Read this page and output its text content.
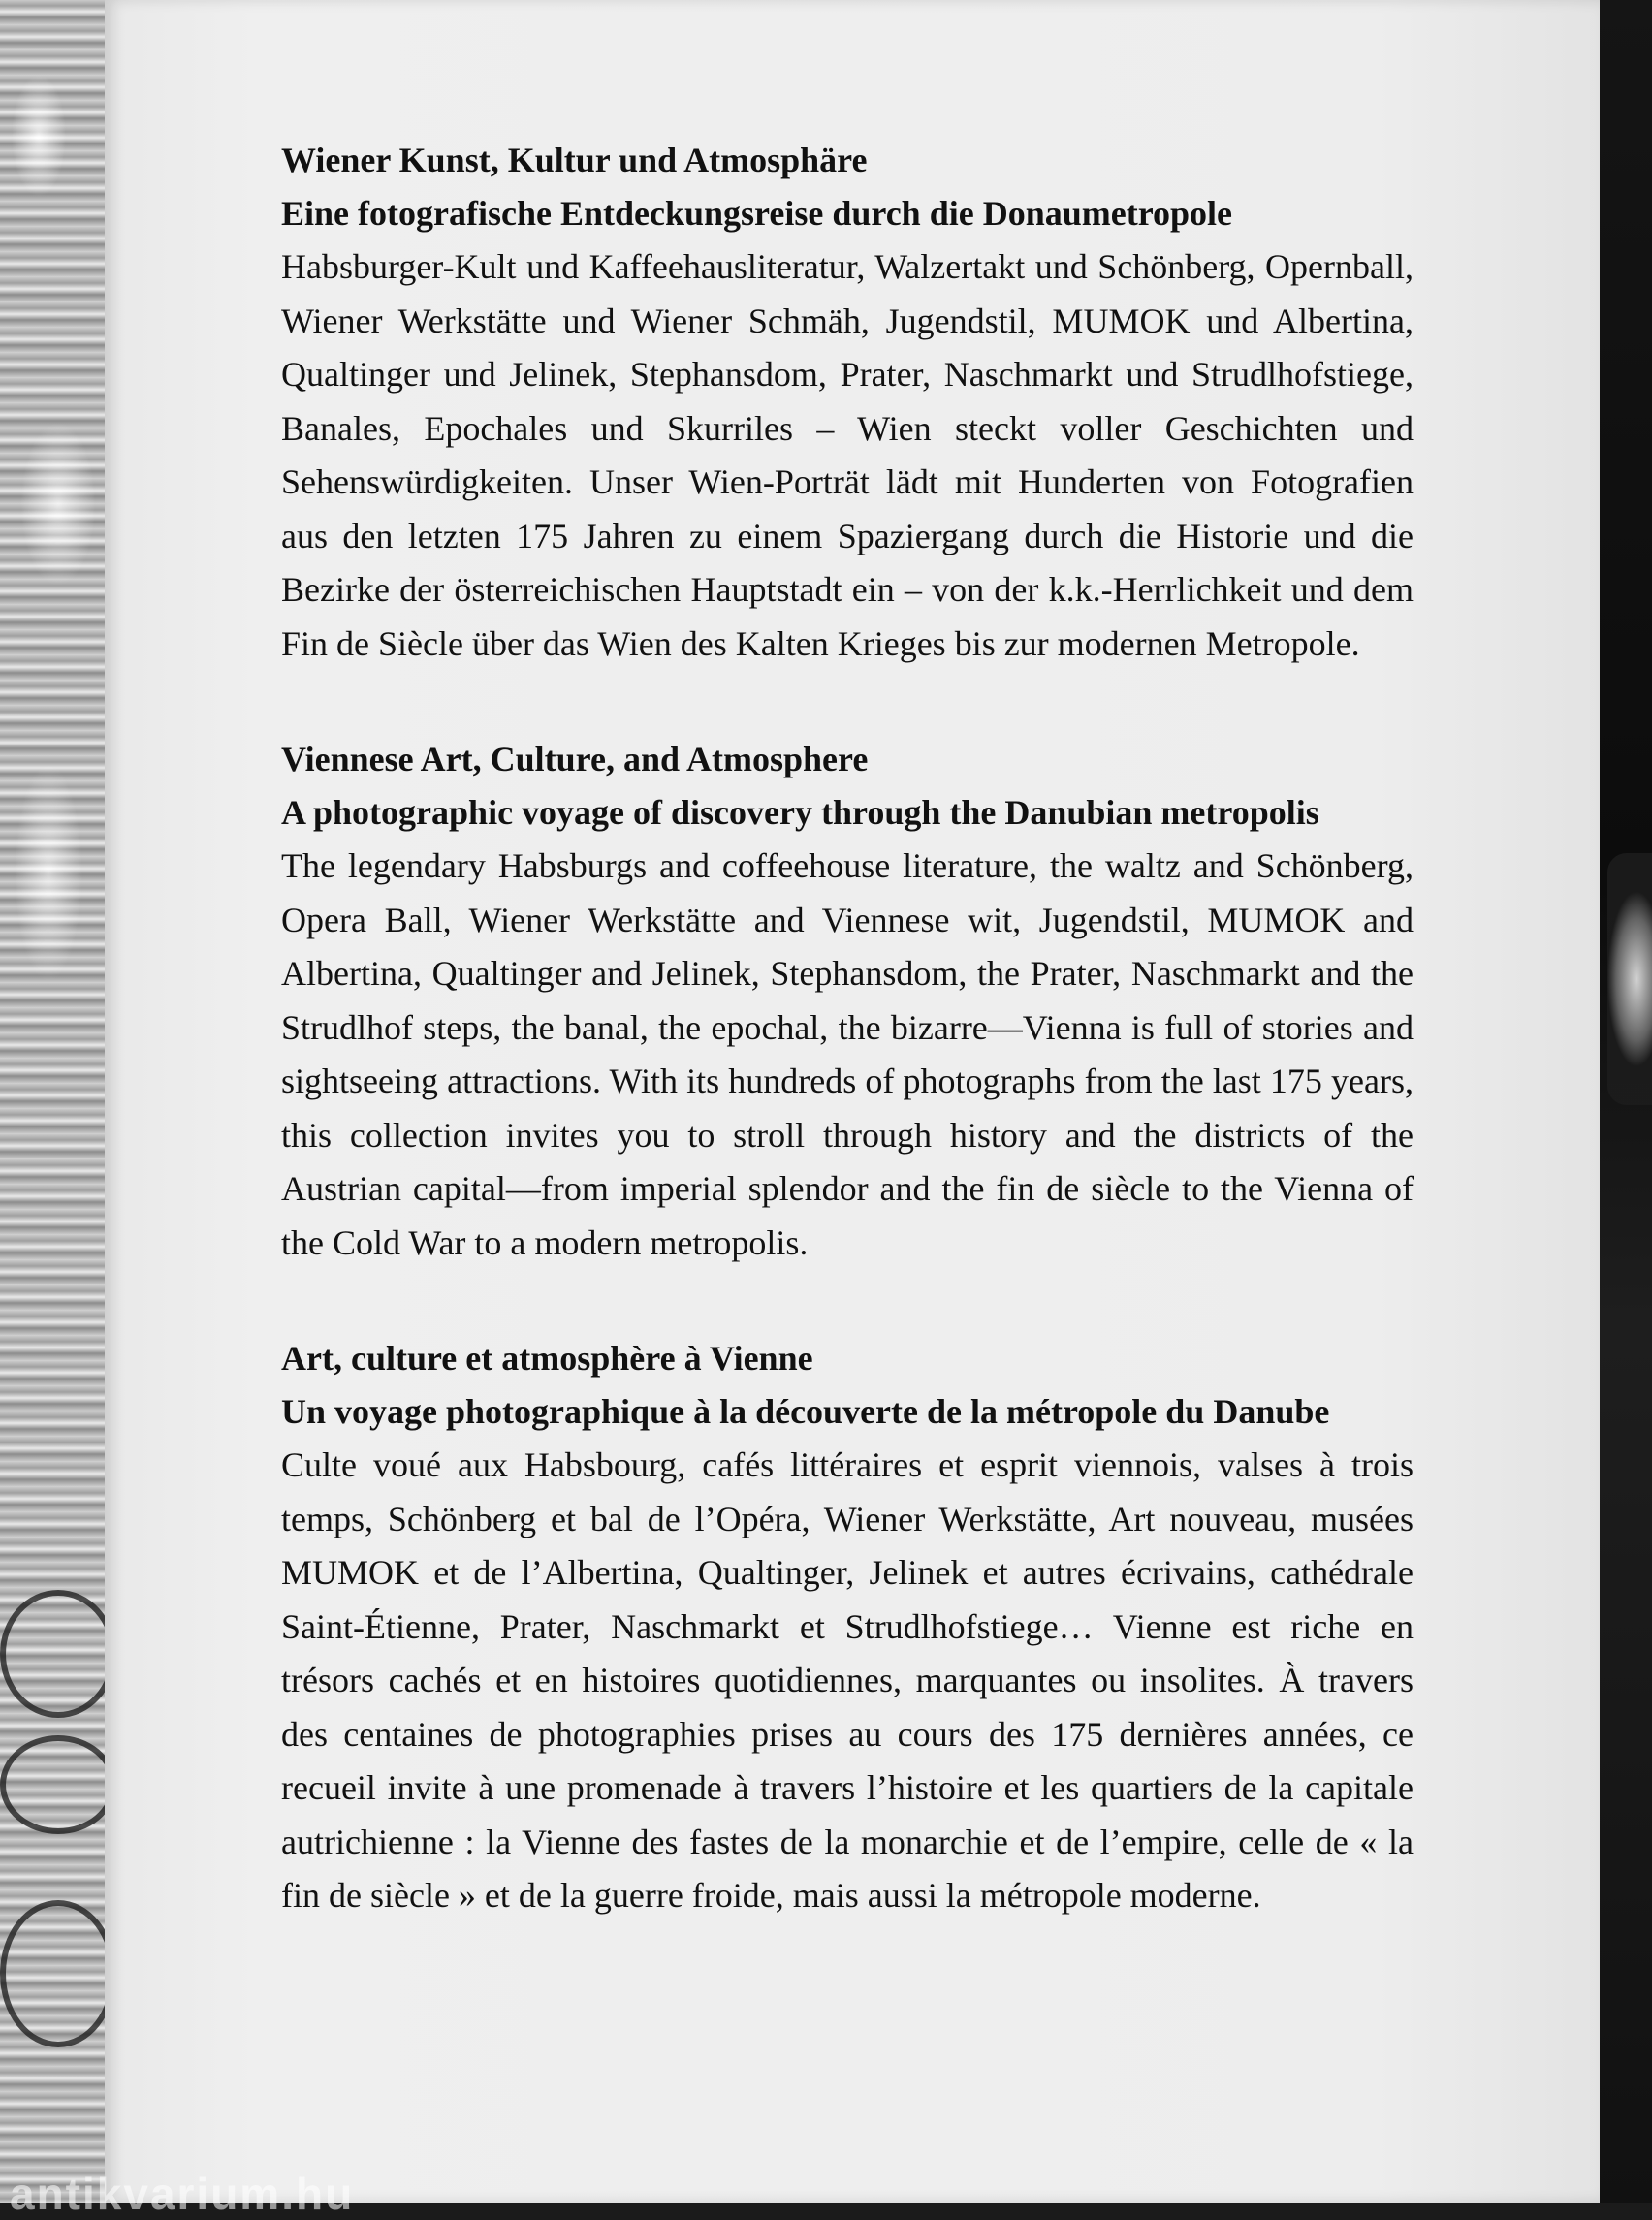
Wiener Kunst, Kultur und Atmosphäre

Eine fotografische Entdeckungsreise durch die Donaumetropole

Habsburger-Kult und Kaffeehausliteratur, Walzertakt und Schönberg, Opernball, Wiener Werkstätte und Wiener Schmäh, Jugendstil, MUMOK und Albertina, Qualtinger und Jelinek, Stephansdom, Prater, Naschmarkt und Strudlhofstiege, Banales, Epochales und Skurriles – Wien steckt voller Geschichten und Sehenswürdigkeiten. Unser Wien-Porträt lädt mit Hunderten von Fotografien aus den letzten 175 Jahren zu einem Spaziergang durch die Historie und die Bezirke der österreichischen Hauptstadt ein – von der k.k.-Herrlichkeit und dem Fin de Siècle über das Wien des Kalten Krieges bis zur modernen Metropole.

Viennese Art, Culture, and Atmosphere

A photographic voyage of discovery through the Danubian metropolis

The legendary Habsburgs and coffeehouse literature, the waltz and Schönberg, Opera Ball, Wiener Werkstätte and Viennese wit, Jugendstil, MUMOK and Albertina, Qualtinger and Jelinek, Stephansdom, the Prater, Naschmarkt and the Strudlhof steps, the banal, the epochal, the bizarre—Vienna is full of stories and sightseeing attractions. With its hundreds of photographs from the last 175 years, this collection invites you to stroll through history and the districts of the Austrian capital—from imperial splendor and the fin de siècle to the Vienna of the Cold War to a modern metropolis.

Art, culture et atmosphère à Vienne

Un voyage photographique à la découverte de la métropole du Danube

Culte voué aux Habsbourg, cafés littéraires et esprit viennois, valses à trois temps, Schönberg et bal de l’Opéra, Wiener Werkstätte, Art nouveau, musées MUMOK et de l’Albertina, Qualtinger, Jelinek et autres écrivains, cathédrale Saint-Étienne, Prater, Naschmarkt et Strudlhofstiege… Vienne est riche en trésors cachés et en histoires quotidiennes, marquantes ou insolites. À travers des centaines de photographies prises au cours des 175 dernières années, ce recueil invite à une promenade à travers l’histoire et les quartiers de la capitale autrichienne : la Vienne des fastes de la monarchie et de l’empire, celle de « la fin de siècle » et de la guerre froide, mais aussi la métropole moderne.

antikvarium.hu
